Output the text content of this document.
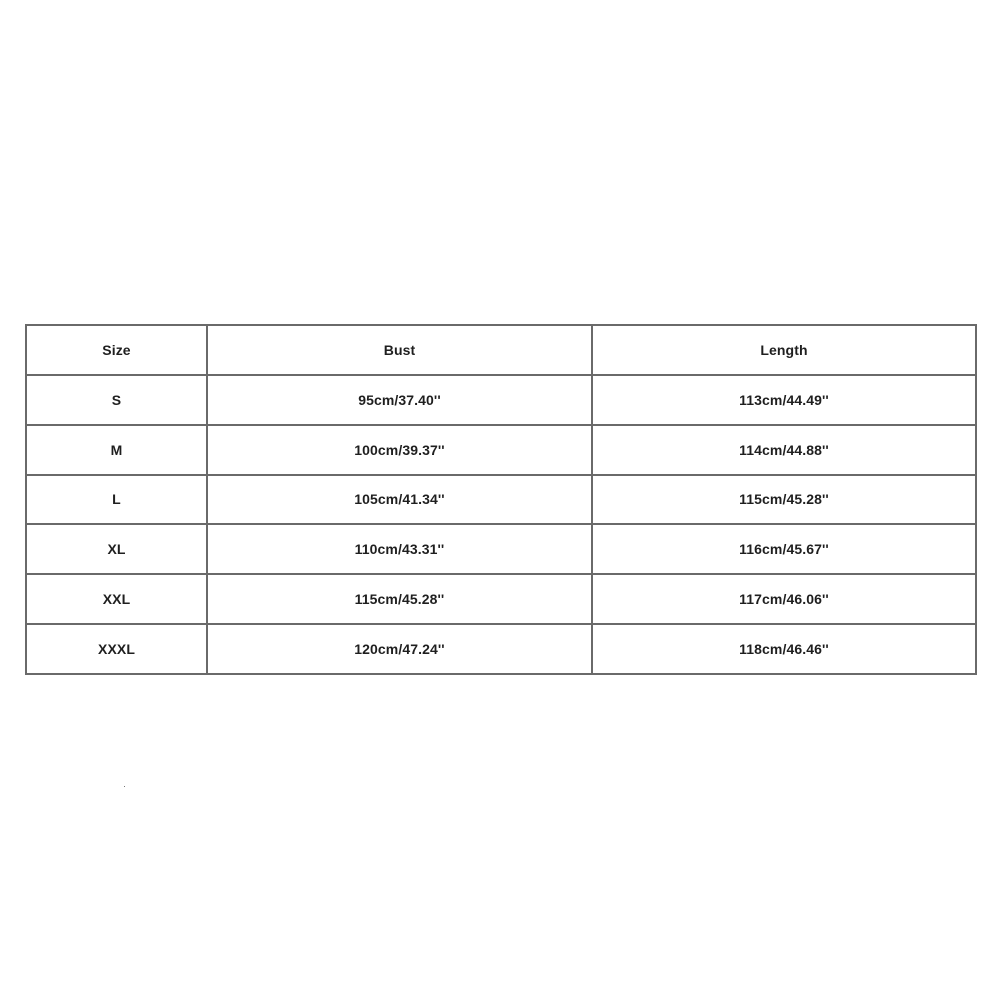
Size	Bust	Length
S	95cm/37.40''	113cm/44.49''
M	100cm/39.37''	114cm/44.88''
L	105cm/41.34''	115cm/45.28''
XL	110cm/43.31''	116cm/45.67''
XXL	115cm/45.28''	117cm/46.06''
XXXL	120cm/47.24''	118cm/46.46''
